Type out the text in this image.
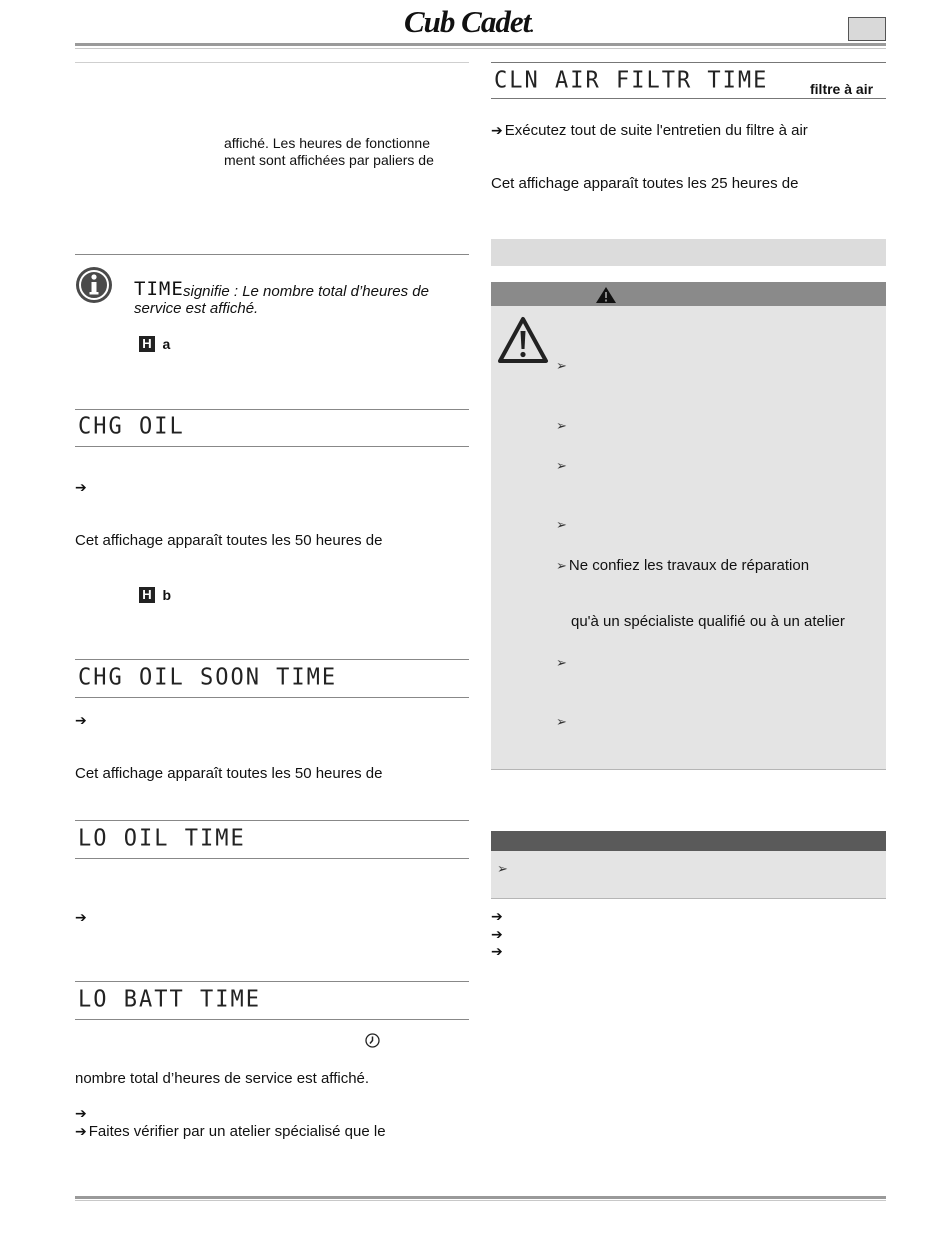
Cub Cadet.
affiché. Les heures de fonctionne
ment sont affichées par paliers de
TIME signifie : Le nombre total d’heures de
service est affiché.
H a
CHG OIL
➔
Cet affichage apparaît toutes les 50 heures de
H b
CHG OIL SOON TIME
➔
Cet affichage apparaît toutes les 50 heures de
LO OIL TIME
➔
LO BATT TIME
nombre total d’heures de service est affiché.
➔
➔ Faites vérifier par un atelier spécialisé que le
CLN AIR FILTR TIME	filtre à air
➔ Exécutez tout de suite l'entretien du filtre à air
Cet affichage apparaît toutes les 25 heures de
➢
➢
➢
➢
➢ Ne confiez les travaux de réparation
qu'à un spécialiste qualifié ou à un atelier
➢
➢
➢
➔
➔
➔
